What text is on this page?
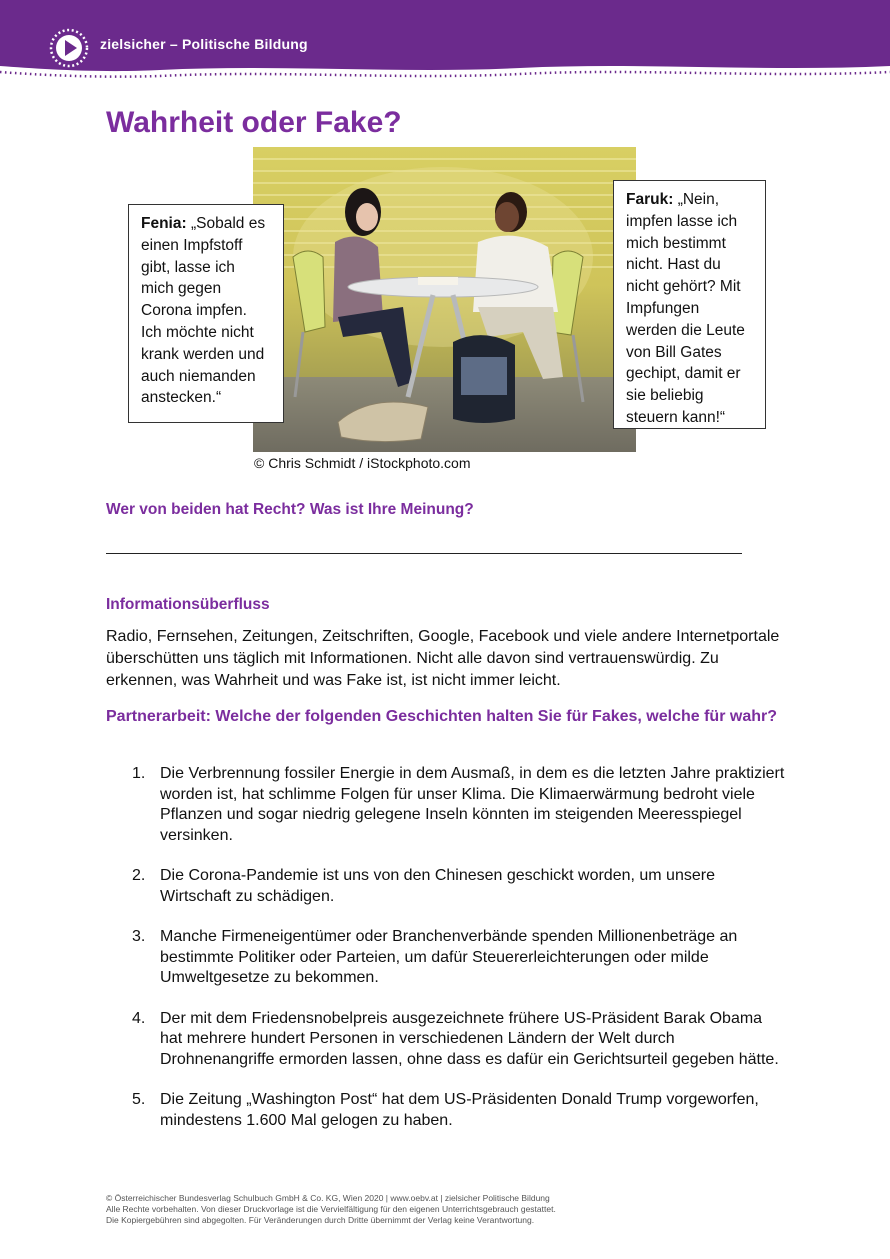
zielsicher – Politische Bildung
Wahrheit oder Fake?
© Chris Schmidt / iStockphoto.com
Fenia: „Sobald es einen Impfstoff gibt, lasse ich mich gegen Corona impfen. Ich möchte nicht krank werden und auch niemanden anstecken.“
Faruk: „Nein, impfen lasse ich mich bestimmt nicht. Hast du nicht gehört? Mit Impfungen werden die Leute von Bill Gates gechipt, damit er sie beliebig steuern kann!“
Wer von beiden hat Recht? Was ist Ihre Meinung?
Informationsüberfluss

Radio, Fernsehen, Zeitungen, Zeitschriften, Google, Facebook und viele andere Internetportale überschütten uns täglich mit Informationen. Nicht alle davon sind vertrauenswürdig. Zu erkennen, was Wahrheit und was Fake ist, ist nicht immer leicht.

Partnerarbeit: Welche der folgenden Geschichten halten Sie für Fakes, welche für wahr?

1. Die Verbrennung fossiler Energie in dem Ausmaß, in dem es die letzten Jahre praktiziert worden ist, hat schlimme Folgen für unser Klima. Die Klimaerwärmung bedroht viele Pflanzen und sogar niedrig gelegene Inseln könnten im steigenden Meeresspiegel versinken.
2. Die Corona-Pandemie ist uns von den Chinesen geschickt worden, um unsere Wirtschaft zu schädigen.
3. Manche Firmeneigentümer oder Branchenverbände spenden Millionenbeträge an bestimmte Politiker oder Parteien, um dafür Steuererleichterungen oder milde Umweltgesetze zu bekommen.
4. Der mit dem Friedensnobelpreis ausgezeichnete frühere US-Präsident Barak Obama hat mehrere hundert Personen in verschiedenen Ländern der Welt durch Drohnenangriffe ermorden lassen, ohne dass es dafür ein Gerichtsurteil gegeben hätte.
5. Die Zeitung „Washington Post“ hat dem US-Präsidenten Donald Trump vorgeworfen, mindestens 1.600 Mal gelogen zu haben.
© Österreichischer Bundesverlag Schulbuch GmbH & Co. KG, Wien 2020 | www.oebv.at | zielsicher Politische Bildung
Alle Rechte vorbehalten. Von dieser Druckvorlage ist die Vervielfältigung für den eigenen Unterrichtsgebrauch gestattet.
Die Kopiergebühren sind abgegolten. Für Veränderungen durch Dritte übernimmt der Verlag keine Verantwortung.
